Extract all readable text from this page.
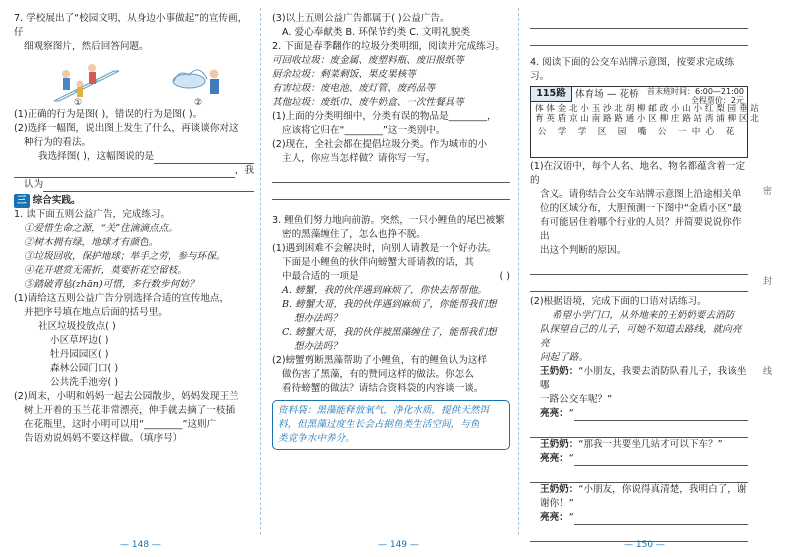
7. 学校展出了“校园文明，从身边小事做起”的宣传画，仔

细观察图片，然后回答问题。

①	②

(1)正确的行为是图( )，错误的行为是图( )。

(2)选择一幅图，说出图上发生了什么，再谈谈你对这

种行为的看法。

我选择图( )，这幅图说的是
，我
认为

三 综合实践。

1. 读下面五则公益广告，完成练习。

①爱惜生命之源，“关”住滴滴点点。

②树木拥有绿，地球才有颜色。

③垃圾回收，保护地球；举手之劳，参与环保。

④花开堪赏无需折，莫要折花空留枝。

⑤踏破青毡(zhān)可惜，多行数步何妨？

(1)请给这五则公益广告分别选择合适的宣传地点，

并把序号填在地点后面的括号里。

社区垃圾投放点( )

小区草坪边( )

牡丹园园区( )

森林公园门口( )

公共洗手池旁( )

(2)周末，小明和妈妈一起去公园散步，妈妈发现王兰

树上开着的玉兰花非常漂亮，伸手就去摘了一枝插

在花瓶里，这时小明可以用“________”这则广

告语劝说妈妈不要这样做。（填序号）

— 148 —

(3)以上五则公益广告都属于( )公益广告。

A. 爱心奉献类 B. 环保节约类 C. 文明礼貌类

2. 下面是春季翻作的垃圾分类明细，阅读并完成练习。

可回收垃圾：废金属、废塑料瓶、废旧报纸等

厨余垃圾：剩菜剩饭、果皮果核等

有害垃圾：废电池、废灯管、废药品等

其他垃圾：废纸巾、废牛奶盒、一次性餐具等

(1)上面的分类明细中，分类有误的物品是________，

应该将它归在“________”这一类别中。

(2)现在，全社会都在提倡垃圾分类。作为城市的小

主人，你应当怎样做？请你写一写。

3. 鲤鱼们努力地向前游。突然，一只小鲤鱼的尾巴被繁

密的黑藻缠住了，怎么也挣不脱。

(1)遇到困难不会解决时，向别人请教是一个好办法。

下面是小鲤鱼的伙伴向螃蟹大哥请教的话，其

中最合适的一项是	( )

A. 螃蟹，我的伙伴遇到麻烦了，你快去帮帮他。

B. 螃蟹大哥，我的伙伴遇到麻烦了，你能帮我们想

想办法吗？

C. 螃蟹大哥，我的伙伴被黑藻缠住了，能帮我们想

想办法吗？

(2)螃蟹剪断黑藻帮助了小鲤鱼，有的鲤鱼认为这样

做伤害了黑藻，有的赞同这样的做法。你怎么

看待螃蟹的做法？请结合资料袋的内容谈一谈。

资料袋：黑藻能释放氧气，净化水质，提供天然饵
料，但黑藻过度生长会占据鱼类生活空间，与鱼
类竞争水中养分。
— 149 —

4. 阅读下面的公交车站牌示意图，按要求完成练习。

115路 体育场 — 花桥 首末班时间：6:00—21:00
全程票价：2元
体 体 金 北 小 玉 沙 北 胡 柳 邮 政 小 山 小 红 梨 园 垂 站
育 英 盾 京 山 南 路 路 通 小 区 柳 庄 路 站 湾 浦 柳 区 北
公 学 学 区 园 嘴 公 一 中 心 花

(1)在汉语中，每个人名、地名、物名都蕴含着一定的

含义。请你结合公交车站牌示意图上沿途相关单

位的区域分布，大胆预测一下图中“金盾小区”最

有可能居住着哪个行业的人员？并简要说说你作出

出这个判断的原因。

(2)根据语境，完成下面的口语对话练习。

希望小学门口，从外地来的王奶奶要去消防

队探望自己的儿子，可她不知道去路线，就向亮亮

问起了路。

王奶奶：“小朋友，我要去消防队看儿子，我该坐哪

一路公交车呢？”

亮亮： “

王奶奶：“那我一共要坐几站才可以下车？”

亮亮： “

王奶奶：“小朋友，你说得真清楚，我明白了，谢

谢你！”

亮亮： “
— 150 —
密
封
线
